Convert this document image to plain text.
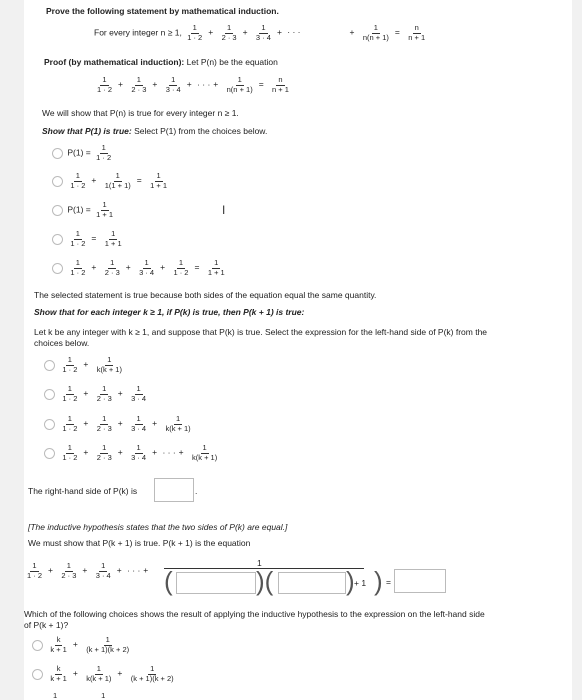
Prove the following statement by mathematical induction.
For every integer n ≥ 1, $\frac{1}{1 \cdot 2} + \frac{1}{2 \cdot 3} + \frac{1}{3 \cdot 4}$ + · · ·	+ $\frac{1}{n(n + 1)} = \frac{n}{n + 1}$
Proof (by mathematical induction): Let P(n) be the equation
$\frac{1}{1 \cdot 2} + \frac{1}{2 \cdot 3} + \frac{1}{3 \cdot 4}$ + · · · + $\frac{1}{n(n + 1)} = \frac{n}{n + 1}$
We will show that P(n) is true for every integer n ≥ 1.
Show that P(1) is true: Select P(1) from the choices below.
$P(1) = \frac{1}{1 \cdot 2}$

$\frac{1}{1 \cdot 2} + \frac{1}{1(1 + 1)} = \frac{1}{1 + 1}$
$P(1) = \frac{1}{1 + 1}$	I

$\frac{1}{1 \cdot 2} = \frac{1}{1 + 1}$

$\frac{1}{1 \cdot 2} + \frac{1}{2 \cdot 3} + \frac{1}{3 \cdot 4} + \frac{1}{1 \cdot 2} = \frac{1}{1 + 1}$
The selected statement is true because both sides of the equation equal the same quantity.
Show that for each integer k ≥ 1, if P(k) is true, then P(k + 1) is true:
Let k be any integer with k ≥ 1, and suppose that P(k) is true. Select the expression for the left-hand side of P(k) from the
choices below.

$\frac{1}{1 \cdot 2} + \frac{1}{k(k + 1)}$

$\frac{1}{1 \cdot 2} + \frac{1}{2 \cdot 3} + \frac{1}{3 \cdot 4}$

$\frac{1}{1 \cdot 2} + \frac{1}{2 \cdot 3} + \frac{1}{3 \cdot 4} + \frac{1}{k(k + 1)}$

$\frac{1}{1 \cdot 2} + \frac{1}{2 \cdot 3} + \frac{1}{3 \cdot 4}$ + · · · + $\frac{1}{k(k + 1)}$
The right-hand side of P(k) is	.
[The inductive hypothesis states that the two sides of P(k) are equal.]
We must show that P(k + 1) is true. P(k + 1) is the equation
$\frac{1}{1 \cdot 2} + \frac{1}{2 \cdot 3} + \frac{1}{3 \cdot 4}$ + · · · +
1
(	)(	) + 1 ) =
Which of the following choices shows the result of applying the inductive hypothesis to the expression on the left-hand side
of P(k + 1)?

$\frac{k}{k + 1} + \frac{1}{(k + 1)(k + 2)}$

$\frac{k}{k + 1} + \frac{1}{k(k + 1)} + \frac{1}{(k + 1)(k + 2)}$
1	1
